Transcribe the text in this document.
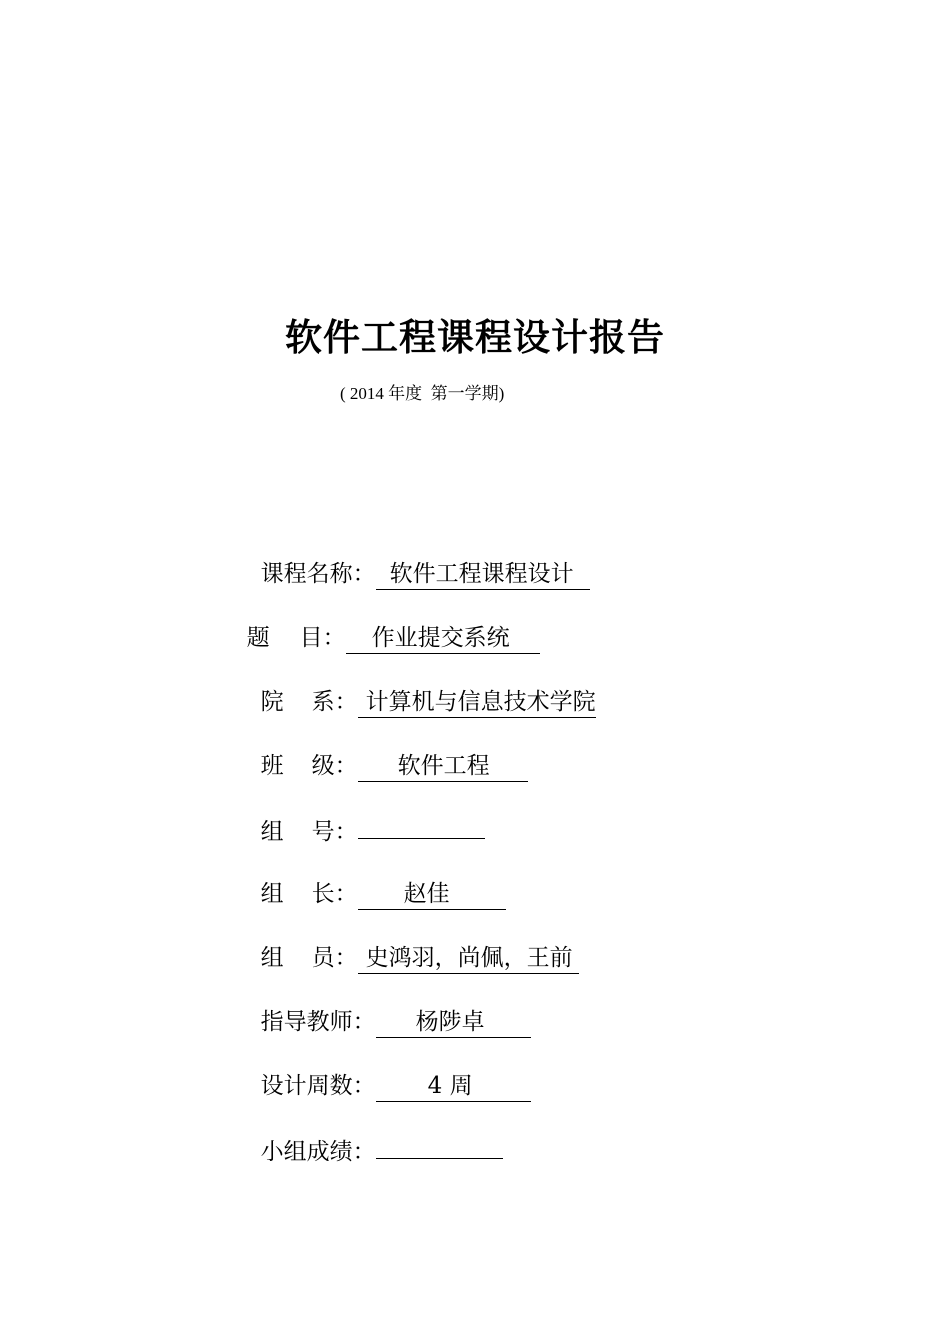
软件工程课程设计报告
( 2014 年度  第一学期)

课程名称： 软件工程课程设计

题 目： 作业提交系统

院 系： 计算机与信息技术学院

班 级： 软件工程

组 号：

组 长： 赵佳

组 员： 史鸿羽，尚佩，王前

指导教师： 杨陟卓

设计周数： 4 周

小组成绩：
